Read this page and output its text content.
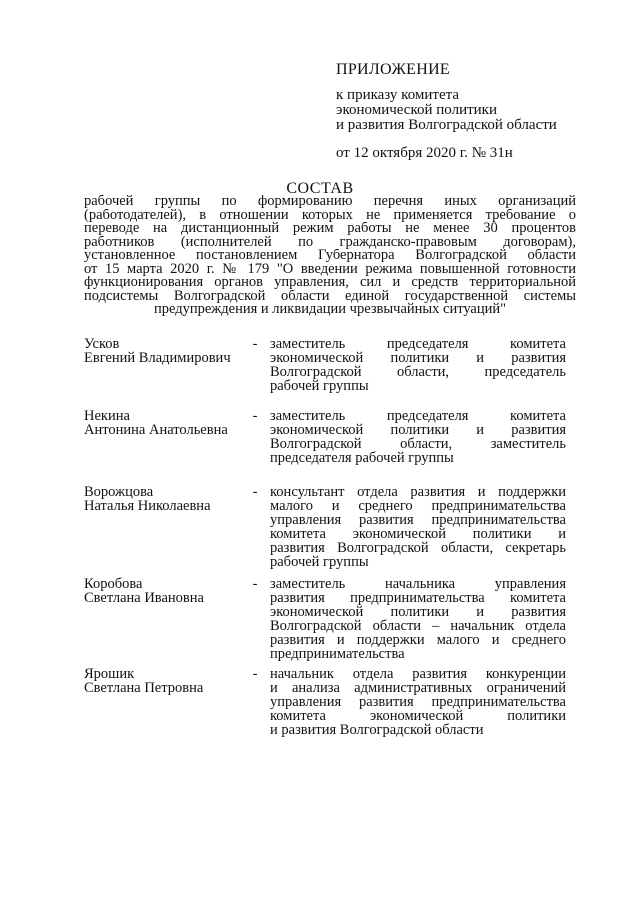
ПРИЛОЖЕНИЕ
к приказу комитета
экономической политики
и развития Волгоградской области
от 12 октября 2020 г. № 31н
СОСТАВ
рабочей группы по формированию перечня иных организаций
(работодателей), в отношении которых не применяется требование о
переводе на дистанционный режим работы не менее 30 процентов
работников (исполнителей по гражданско-правовым договорам),
установленное постановлением Губернатора Волгоградской области
от 15 марта 2020 г. № 179 "О введении режима повышенной готовности
функционирования органов управления, сил и средств территориальной
подсистемы Волгоградской области единой государственной системы
предупреждения и ликвидации чрезвычайных ситуаций"
Усков
Евгений Владимирович
- заместитель председателя комитета
экономической политики и развития
Волгоградской области, председатель
рабочей группы
Некина
Антонина Анатольевна
- заместитель председателя комитета
экономической политики и развития
Волгоградской области, заместитель
председателя рабочей группы
Ворожцова
Наталья Николаевна
- консультант отдела развития и поддержки
малого и среднего предпринимательства
управления развития предпринимательства
комитета экономической политики и
развития Волгоградской области, секретарь
рабочей группы
Коробова
Светлана Ивановна
- заместитель начальника управления
развития предпринимательства комитета
экономической политики и развития
Волгоградской области – начальник отдела
развития и поддержки малого и среднего
предпринимательства
Ярошик
Светлана Петровна
- начальник отдела развития конкуренции
и анализа административных ограничений
управления развития предпринимательства
комитета экономической политики
и развития Волгоградской области
